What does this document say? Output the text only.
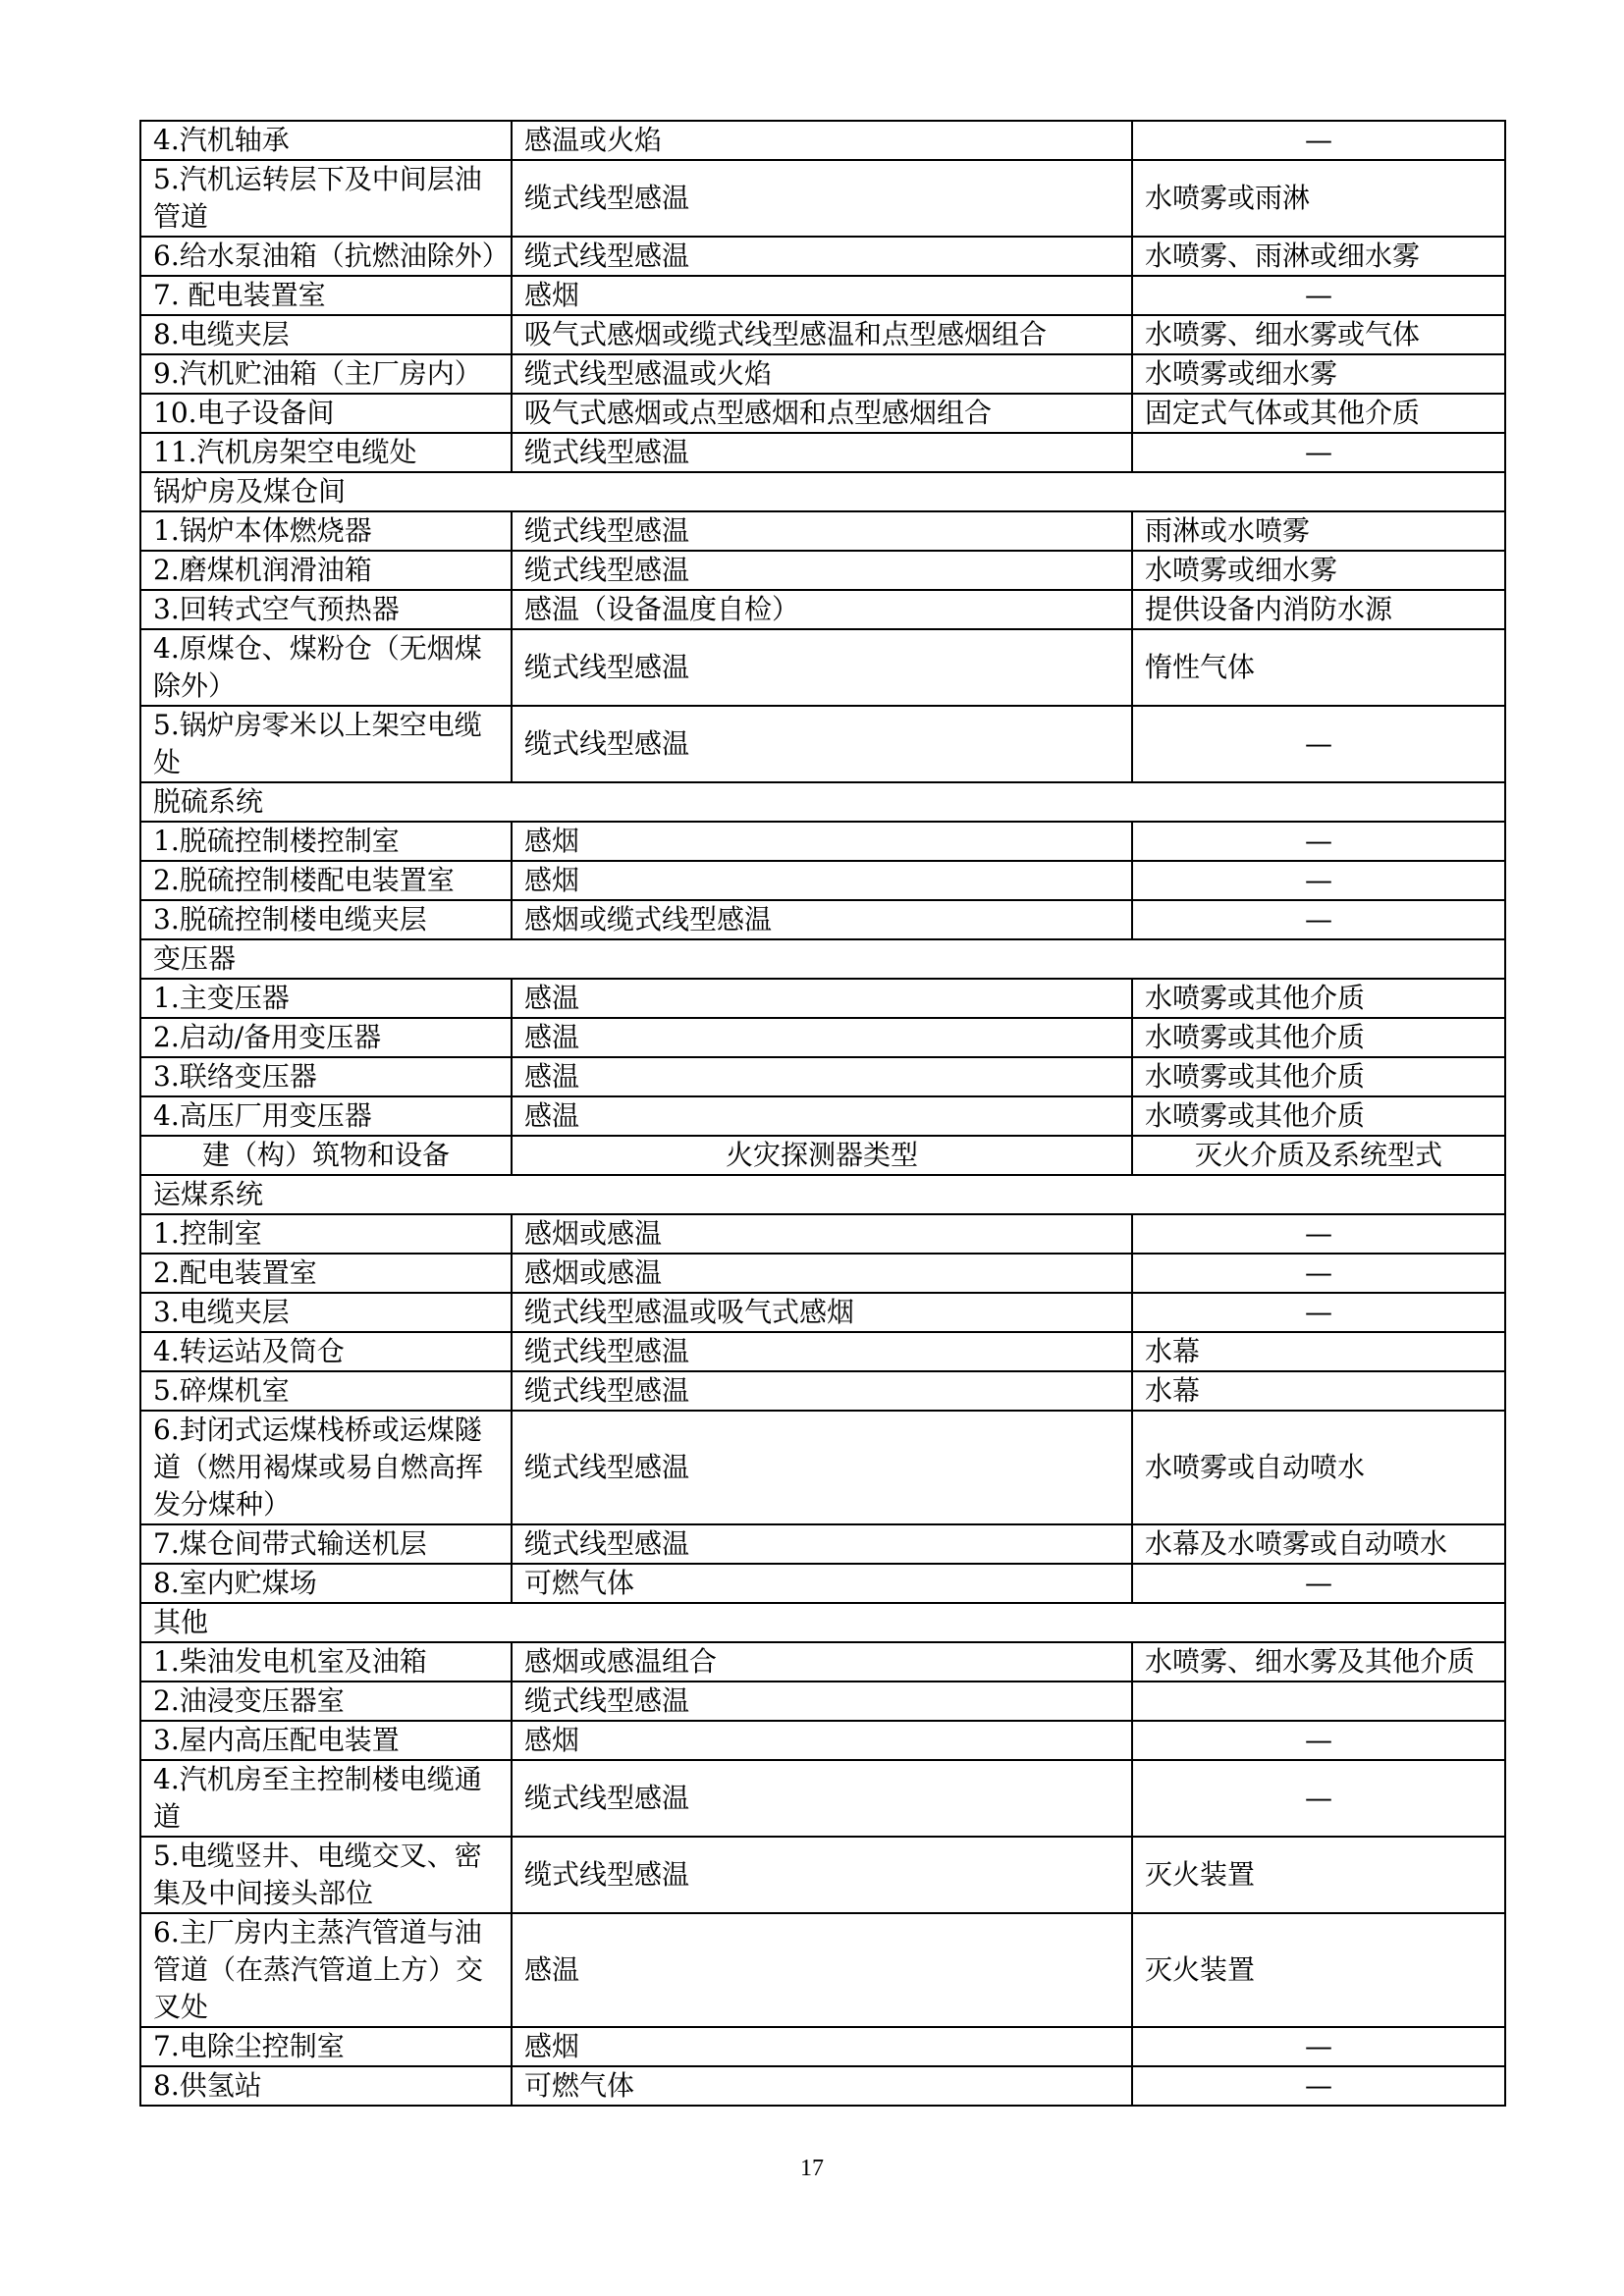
4.汽机轴承	感温或火焰	—
5.汽机运转层下及中间层油管道	缆式线型感温	水喷雾或雨淋
6.给水泵油箱（抗燃油除外）	缆式线型感温	水喷雾、雨淋或细水雾
7. 配电装置室	感烟	—
8.电缆夹层	吸气式感烟或缆式线型感温和点型感烟组合	水喷雾、细水雾或气体
9.汽机贮油箱（主厂房内）	缆式线型感温或火焰	水喷雾或细水雾
10.电子设备间	吸气式感烟或点型感烟和点型感烟组合	固定式气体或其他介质
11.汽机房架空电缆处	缆式线型感温	—
锅炉房及煤仓间		
1.锅炉本体燃烧器	缆式线型感温	雨淋或水喷雾
2.磨煤机润滑油箱	缆式线型感温	水喷雾或细水雾
3.回转式空气预热器	感温（设备温度自检）	提供设备内消防水源
4.原煤仓、煤粉仓（无烟煤除外）	缆式线型感温	惰性气体
5.锅炉房零米以上架空电缆处	缆式线型感温	—
脱硫系统		
1.脱硫控制楼控制室	感烟	—
2.脱硫控制楼配电装置室	感烟	—
3.脱硫控制楼电缆夹层	感烟或缆式线型感温	—
变压器		
1.主变压器	感温	水喷雾或其他介质
2.启动/备用变压器	感温	水喷雾或其他介质
3.联络变压器	感温	水喷雾或其他介质
4.高压厂用变压器	感温	水喷雾或其他介质
建（构）筑物和设备	火灾探测器类型	灭火介质及系统型式
运煤系统		
1.控制室	感烟或感温	—
2.配电装置室	感烟或感温	—
3.电缆夹层	缆式线型感温或吸气式感烟	—
4.转运站及筒仓	缆式线型感温	水幕
5.碎煤机室	缆式线型感温	水幕
6.封闭式运煤栈桥或运煤隧道（燃用褐煤或易自燃高挥发分煤种）	缆式线型感温	水喷雾或自动喷水
7.煤仓间带式输送机层	缆式线型感温	水幕及水喷雾或自动喷水
8.室内贮煤场	可燃气体	—
其他		
1.柴油发电机室及油箱	感烟或感温组合	水喷雾、细水雾及其他介质
2.油浸变压器室	缆式线型感温	
3.屋内高压配电装置	感烟	—
4.汽机房至主控制楼电缆通道	缆式线型感温	—
5.电缆竖井、电缆交叉、密集及中间接头部位	缆式线型感温	灭火装置
6.主厂房内主蒸汽管道与油管道（在蒸汽管道上方）交叉处	感温	灭火装置
7.电除尘控制室	感烟	—
8.供氢站	可燃气体	—
17
